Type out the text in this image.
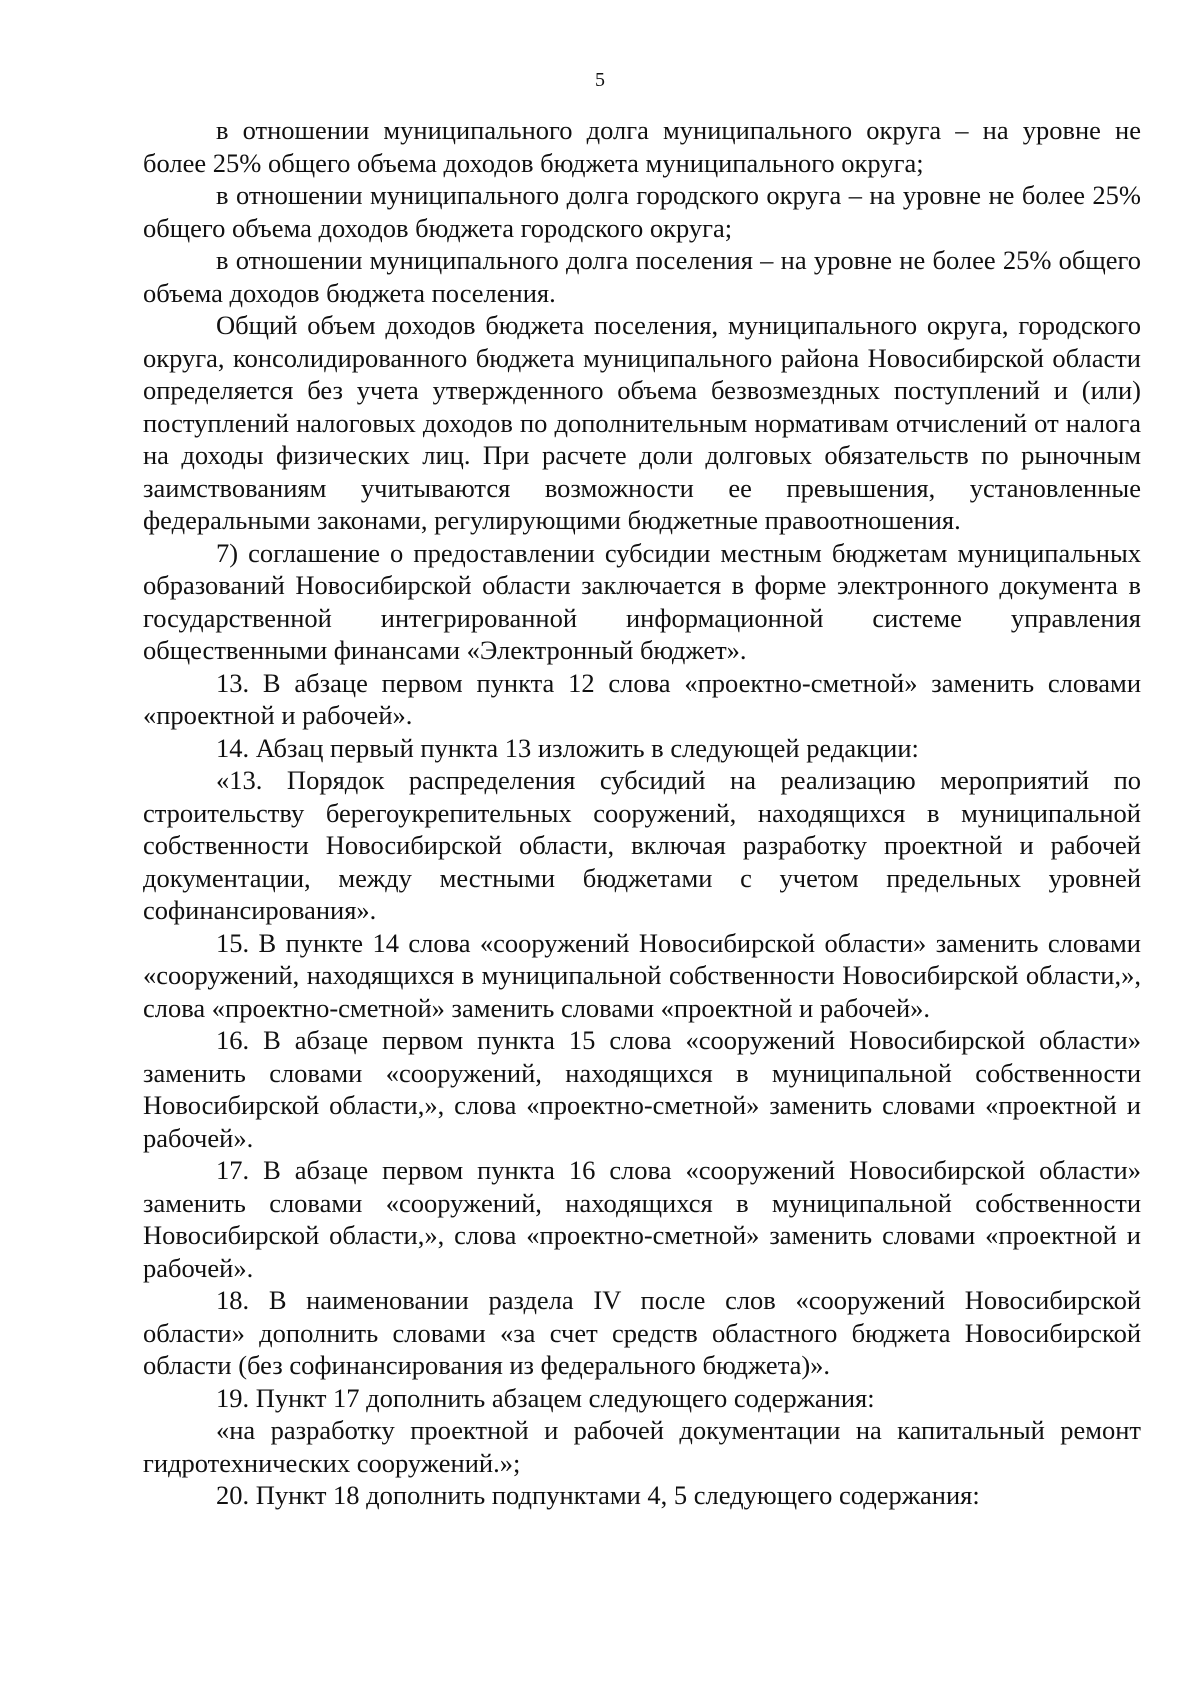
5

в отношении муниципального долга муниципального округа – на уровне не более 25% общего объема доходов бюджета муниципального округа;

в отношении муниципального долга городского округа – на уровне не более 25% общего объема доходов бюджета городского округа;

в отношении муниципального долга поселения – на уровне не более 25% общего объема доходов бюджета поселения.

Общий объем доходов бюджета поселения, муниципального округа, городского округа, консолидированного бюджета муниципального района Новосибирской области определяется без учета утвержденного объема безвозмездных поступлений и (или) поступлений налоговых доходов по дополнительным нормативам отчислений от налога на доходы физических лиц. При расчете доли долговых обязательств по рыночным заимствованиям учитываются возможности ее превышения, установленные федеральными законами, регулирующими бюджетные правоотношения.

7) соглашение о предоставлении субсидии местным бюджетам муниципальных образований Новосибирской области заключается в форме электронного документа в государственной интегрированной информационной системе управления общественными финансами «Электронный бюджет».

13. В абзаце первом пункта 12 слова «проектно-сметной» заменить словами «проектной и рабочей».

14. Абзац первый пункта 13 изложить в следующей редакции:

«13. Порядок распределения субсидий на реализацию мероприятий по строительству берегоукрепительных сооружений, находящихся в муниципальной собственности Новосибирской области, включая разработку проектной и рабочей документации, между местными бюджетами с учетом предельных уровней софинансирования».

15. В пункте 14 слова «сооружений Новосибирской области» заменить словами «сооружений, находящихся в муниципальной собственности Новосибирской области,», слова «проектно-сметной» заменить словами «проектной и рабочей».

16. В абзаце первом пункта 15 слова «сооружений Новосибирской области» заменить словами «сооружений, находящихся в муниципальной собственности Новосибирской области,», слова «проектно-сметной» заменить словами «проектной и рабочей».

17. В абзаце первом пункта 16 слова «сооружений Новосибирской области» заменить словами «сооружений, находящихся в муниципальной собственности Новосибирской области,», слова «проектно-сметной» заменить словами «проектной и рабочей».

18. В наименовании раздела IV после слов «сооружений Новосибирской области» дополнить словами «за счет средств областного бюджета Новосибирской области (без софинансирования из федерального бюджета)».

19. Пункт 17 дополнить абзацем следующего содержания:

«на разработку проектной и рабочей документации на капитальный ремонт гидротехнических сооружений.»;

20. Пункт 18 дополнить подпунктами 4, 5 следующего содержания:
